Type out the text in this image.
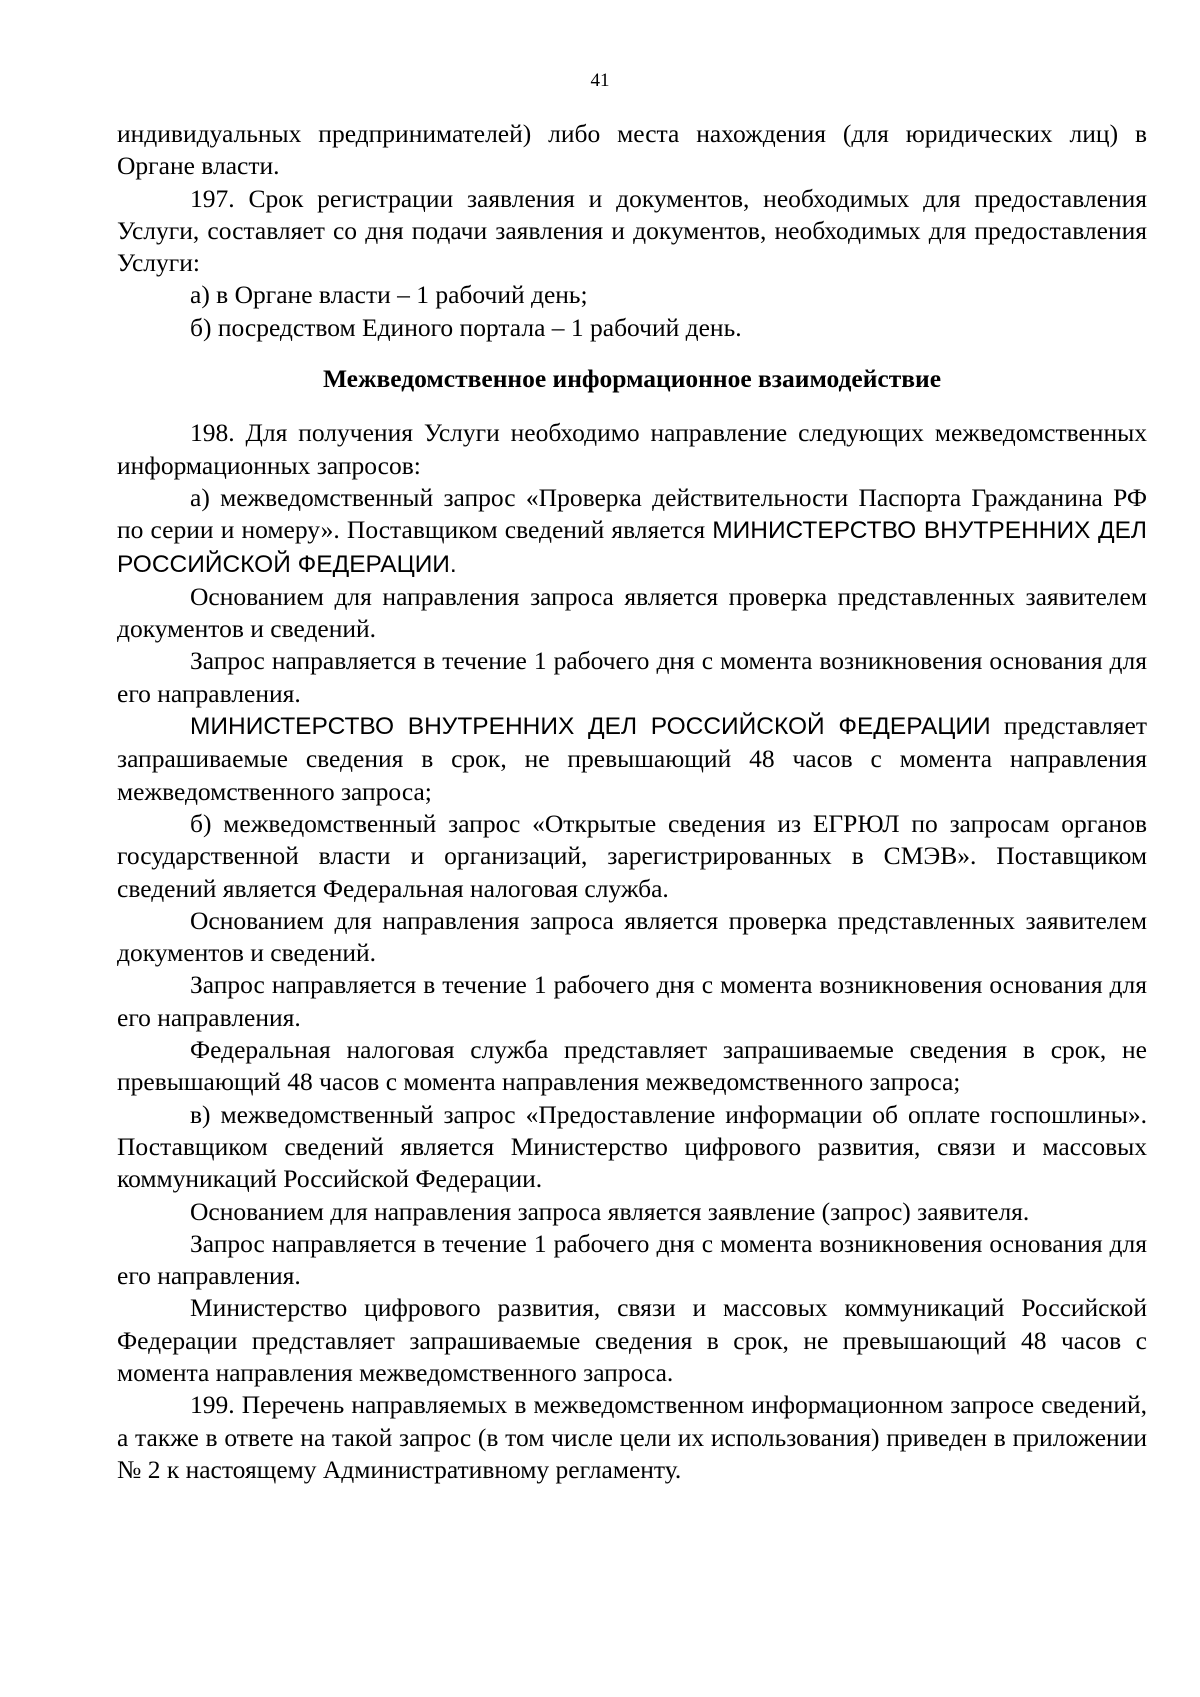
41

индивидуальных предпринимателей) либо места нахождения (для юридических лиц) в Органе власти.

197. Срок регистрации заявления и документов, необходимых для предоставления Услуги, составляет со дня подачи заявления и документов, необходимых для предоставления Услуги:

а) в Органе власти – 1 рабочий день;

б) посредством Единого портала – 1 рабочий день.

Межведомственное информационное взаимодействие

198. Для получения Услуги необходимо направление следующих межведомственных информационных запросов:

а) межведомственный запрос «Проверка действительности Паспорта Гражданина РФ по серии и номеру». Поставщиком сведений является МИНИСТЕРСТВО ВНУТРЕННИХ ДЕЛ РОССИЙСКОЙ ФЕДЕРАЦИИ.

Основанием для направления запроса является проверка представленных заявителем документов и сведений.

Запрос направляется в течение 1 рабочего дня с момента возникновения основания для его направления.

МИНИСТЕРСТВО ВНУТРЕННИХ ДЕЛ РОССИЙСКОЙ ФЕДЕРАЦИИ представляет запрашиваемые сведения в срок, не превышающий 48 часов с момента направления межведомственного запроса;

б) межведомственный запрос «Открытые сведения из ЕГРЮЛ по запросам органов государственной власти и организаций, зарегистрированных в СМЭВ». Поставщиком сведений является Федеральная налоговая служба.

Основанием для направления запроса является проверка представленных заявителем документов и сведений.

Запрос направляется в течение 1 рабочего дня с момента возникновения основания для его направления.

Федеральная налоговая служба представляет запрашиваемые сведения в срок, не превышающий 48 часов с момента направления межведомственного запроса;

в) межведомственный запрос «Предоставление информации об оплате госпошлины». Поставщиком сведений является Министерство цифрового развития, связи и массовых коммуникаций Российской Федерации.

Основанием для направления запроса является заявление (запрос) заявителя.

Запрос направляется в течение 1 рабочего дня с момента возникновения основания для его направления.

Министерство цифрового развития, связи и массовых коммуникаций Российской Федерации представляет запрашиваемые сведения в срок, не превышающий 48 часов с момента направления межведомственного запроса.

199. Перечень направляемых в межведомственном информационном запросе сведений, а также в ответе на такой запрос (в том числе цели их использования) приведен в приложении № 2 к настоящему Административному регламенту.
